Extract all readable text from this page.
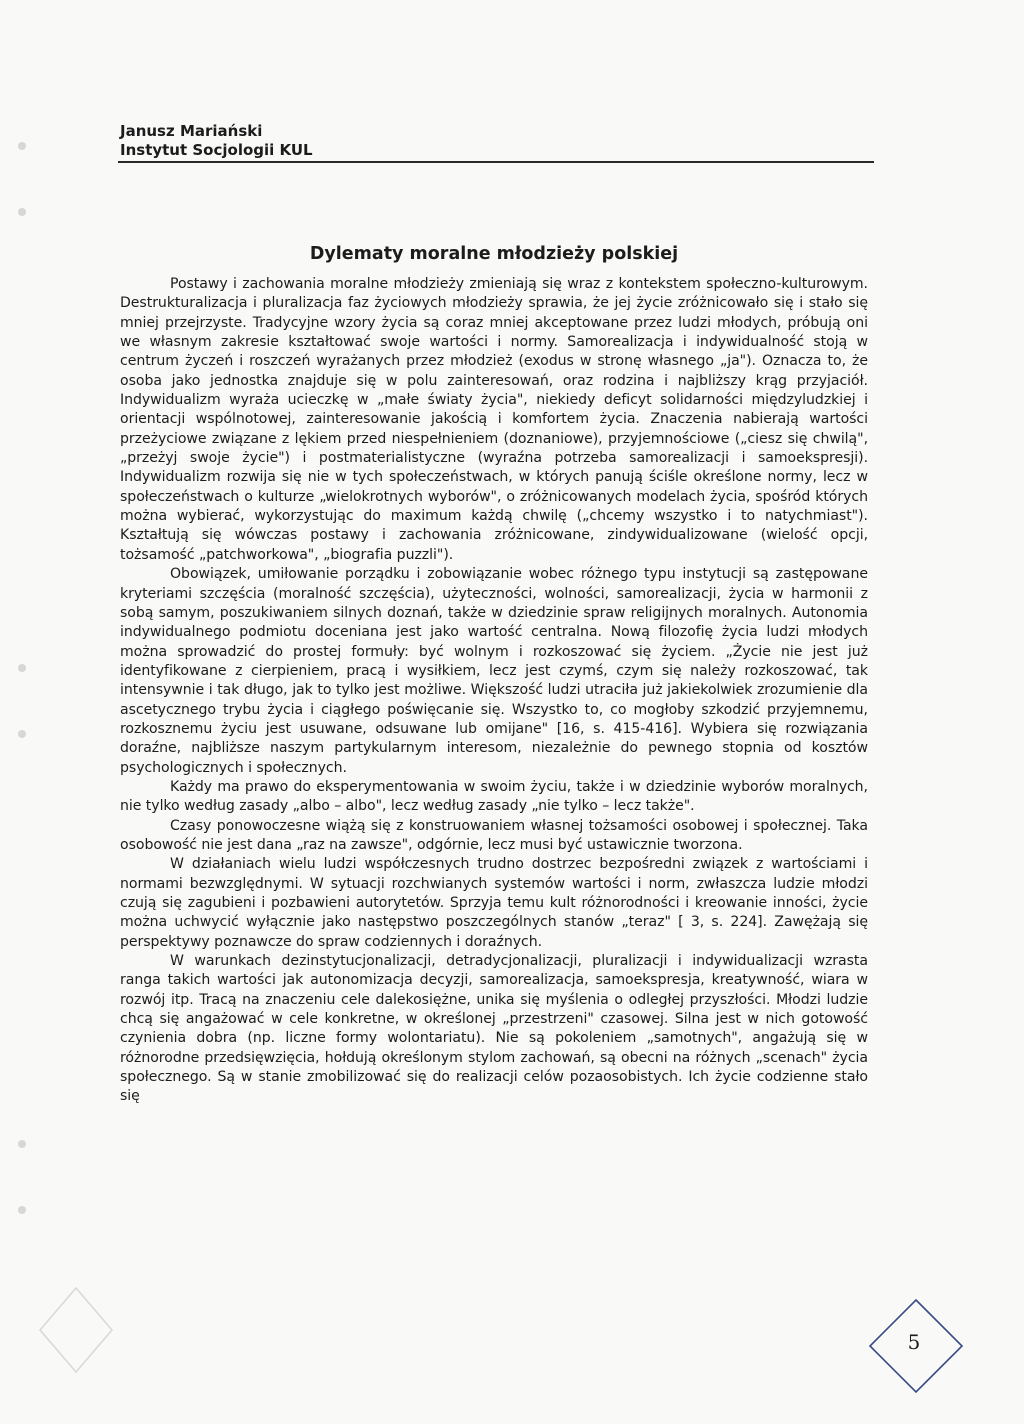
Janusz Mariański
Instytut Socjologii KUL
Dylematy moralne młodzieży polskiej

Postawy i zachowania moralne młodzieży zmieniają się wraz z kontekstem społeczno-kulturowym. Destrukturalizacja i pluralizacja faz życiowych młodzieży sprawia, że jej życie zróżnicowało się i stało się mniej przejrzyste. Tradycyjne wzory życia są coraz mniej akceptowane przez ludzi młodych, próbują oni we własnym zakresie kształtować swoje wartości i normy. Samorealizacja i indywidualność stoją w centrum życzeń i roszczeń wyrażanych przez młodzież (exodus w stronę własnego „ja"). Oznacza to, że osoba jako jednostka znajduje się w polu zainteresowań, oraz rodzina i najbliższy krąg przyjaciół. Indywidualizm wyraża ucieczkę w „małe światy życia", niekiedy deficyt solidarności międzyludzkiej i orientacji wspólnotowej, zainteresowanie jakością i komfortem życia. Znaczenia nabierają wartości przeżyciowe związane z lękiem przed niespełnieniem (doznaniowe), przyjemnościowe („ciesz się chwilą", „przeżyj swoje życie") i postmaterialistyczne (wyraźna potrzeba samorealizacji i samoekspresji). Indywidualizm rozwija się nie w tych społeczeństwach, w których panują ściśle określone normy, lecz w społeczeństwach o kulturze „wielokrotnych wyborów", o zróżnicowanych modelach życia, spośród których można wybierać, wykorzystując do maximum każdą chwilę („chcemy wszystko i to natychmiast"). Kształtują się wówczas postawy i zachowania zróżnicowane, zindywidualizowane (wielość opcji, tożsamość „patchworkowa", „biografia puzzli").

Obowiązek, umiłowanie porządku i zobowiązanie wobec różnego typu instytucji są zastępowane kryteriami szczęścia (moralność szczęścia), użyteczności, wolności, samorealizacji, życia w harmonii z sobą samym, poszukiwaniem silnych doznań, także w dziedzinie spraw religijnych moralnych. Autonomia indywidualnego podmiotu doceniana jest jako wartość centralna. Nową filozofię życia ludzi młodych można sprowadzić do prostej formuły: być wolnym i rozkoszować się życiem. „Życie nie jest już identyfikowane z cierpieniem, pracą i wysiłkiem, lecz jest czymś, czym się należy rozkoszować, tak intensywnie i tak długo, jak to tylko jest możliwe. Większość ludzi utraciła już jakiekolwiek zrozumienie dla ascetycznego trybu życia i ciągłego poświęcanie się. Wszystko to, co mogłoby szkodzić przyjemnemu, rozkosznemu życiu jest usuwane, odsuwane lub omijane" [16, s. 415-416]. Wybiera się rozwiązania doraźne, najbliższe naszym partykularnym interesom, niezależnie do pewnego stopnia od kosztów psychologicznych i społecznych.

Każdy ma prawo do eksperymentowania w swoim życiu, także i w dziedzinie wyborów moralnych, nie tylko według zasady „albo – albo", lecz według zasady „nie tylko – lecz także".

Czasy ponowoczesne wiążą się z konstruowaniem własnej tożsamości osobowej i społecznej. Taka osobowość nie jest dana „raz na zawsze", odgórnie, lecz musi być ustawicznie tworzona.

W działaniach wielu ludzi współczesnych trudno dostrzec bezpośredni związek z wartościami i normami bezwzględnymi. W sytuacji rozchwianych systemów wartości i norm, zwłaszcza ludzie młodzi czują się zagubieni i pozbawieni autorytetów. Sprzyja temu kult różnorodności i kreowanie inności, życie można uchwycić wyłącznie jako następstwo poszczególnych stanów „teraz" [ 3, s. 224]. Zawężają się perspektywy poznawcze do spraw codziennych i doraźnych.

W warunkach dezinstytucjonalizacji, detradycjonalizacji, pluralizacji i indywidualizacji wzrasta ranga takich wartości jak autonomizacja decyzji, samorealizacja, samoekspresja, kreatywność, wiara w rozwój itp. Tracą na znaczeniu cele dalekosiężne, unika się myślenia o odległej przyszłości. Młodzi ludzie chcą się angażować w cele konkretne, w określonej „przestrzeni" czasowej. Silna jest w nich gotowość czynienia dobra (np. liczne formy wolontariatu). Nie są pokoleniem „samotnych", angażują się w różnorodne przedsięwzięcia, hołdują określonym stylom zachowań, są obecni na różnych „scenach" życia społecznego. Są w stanie zmobilizować się do realizacji celów pozaosobistych. Ich życie codzienne stało się

5
